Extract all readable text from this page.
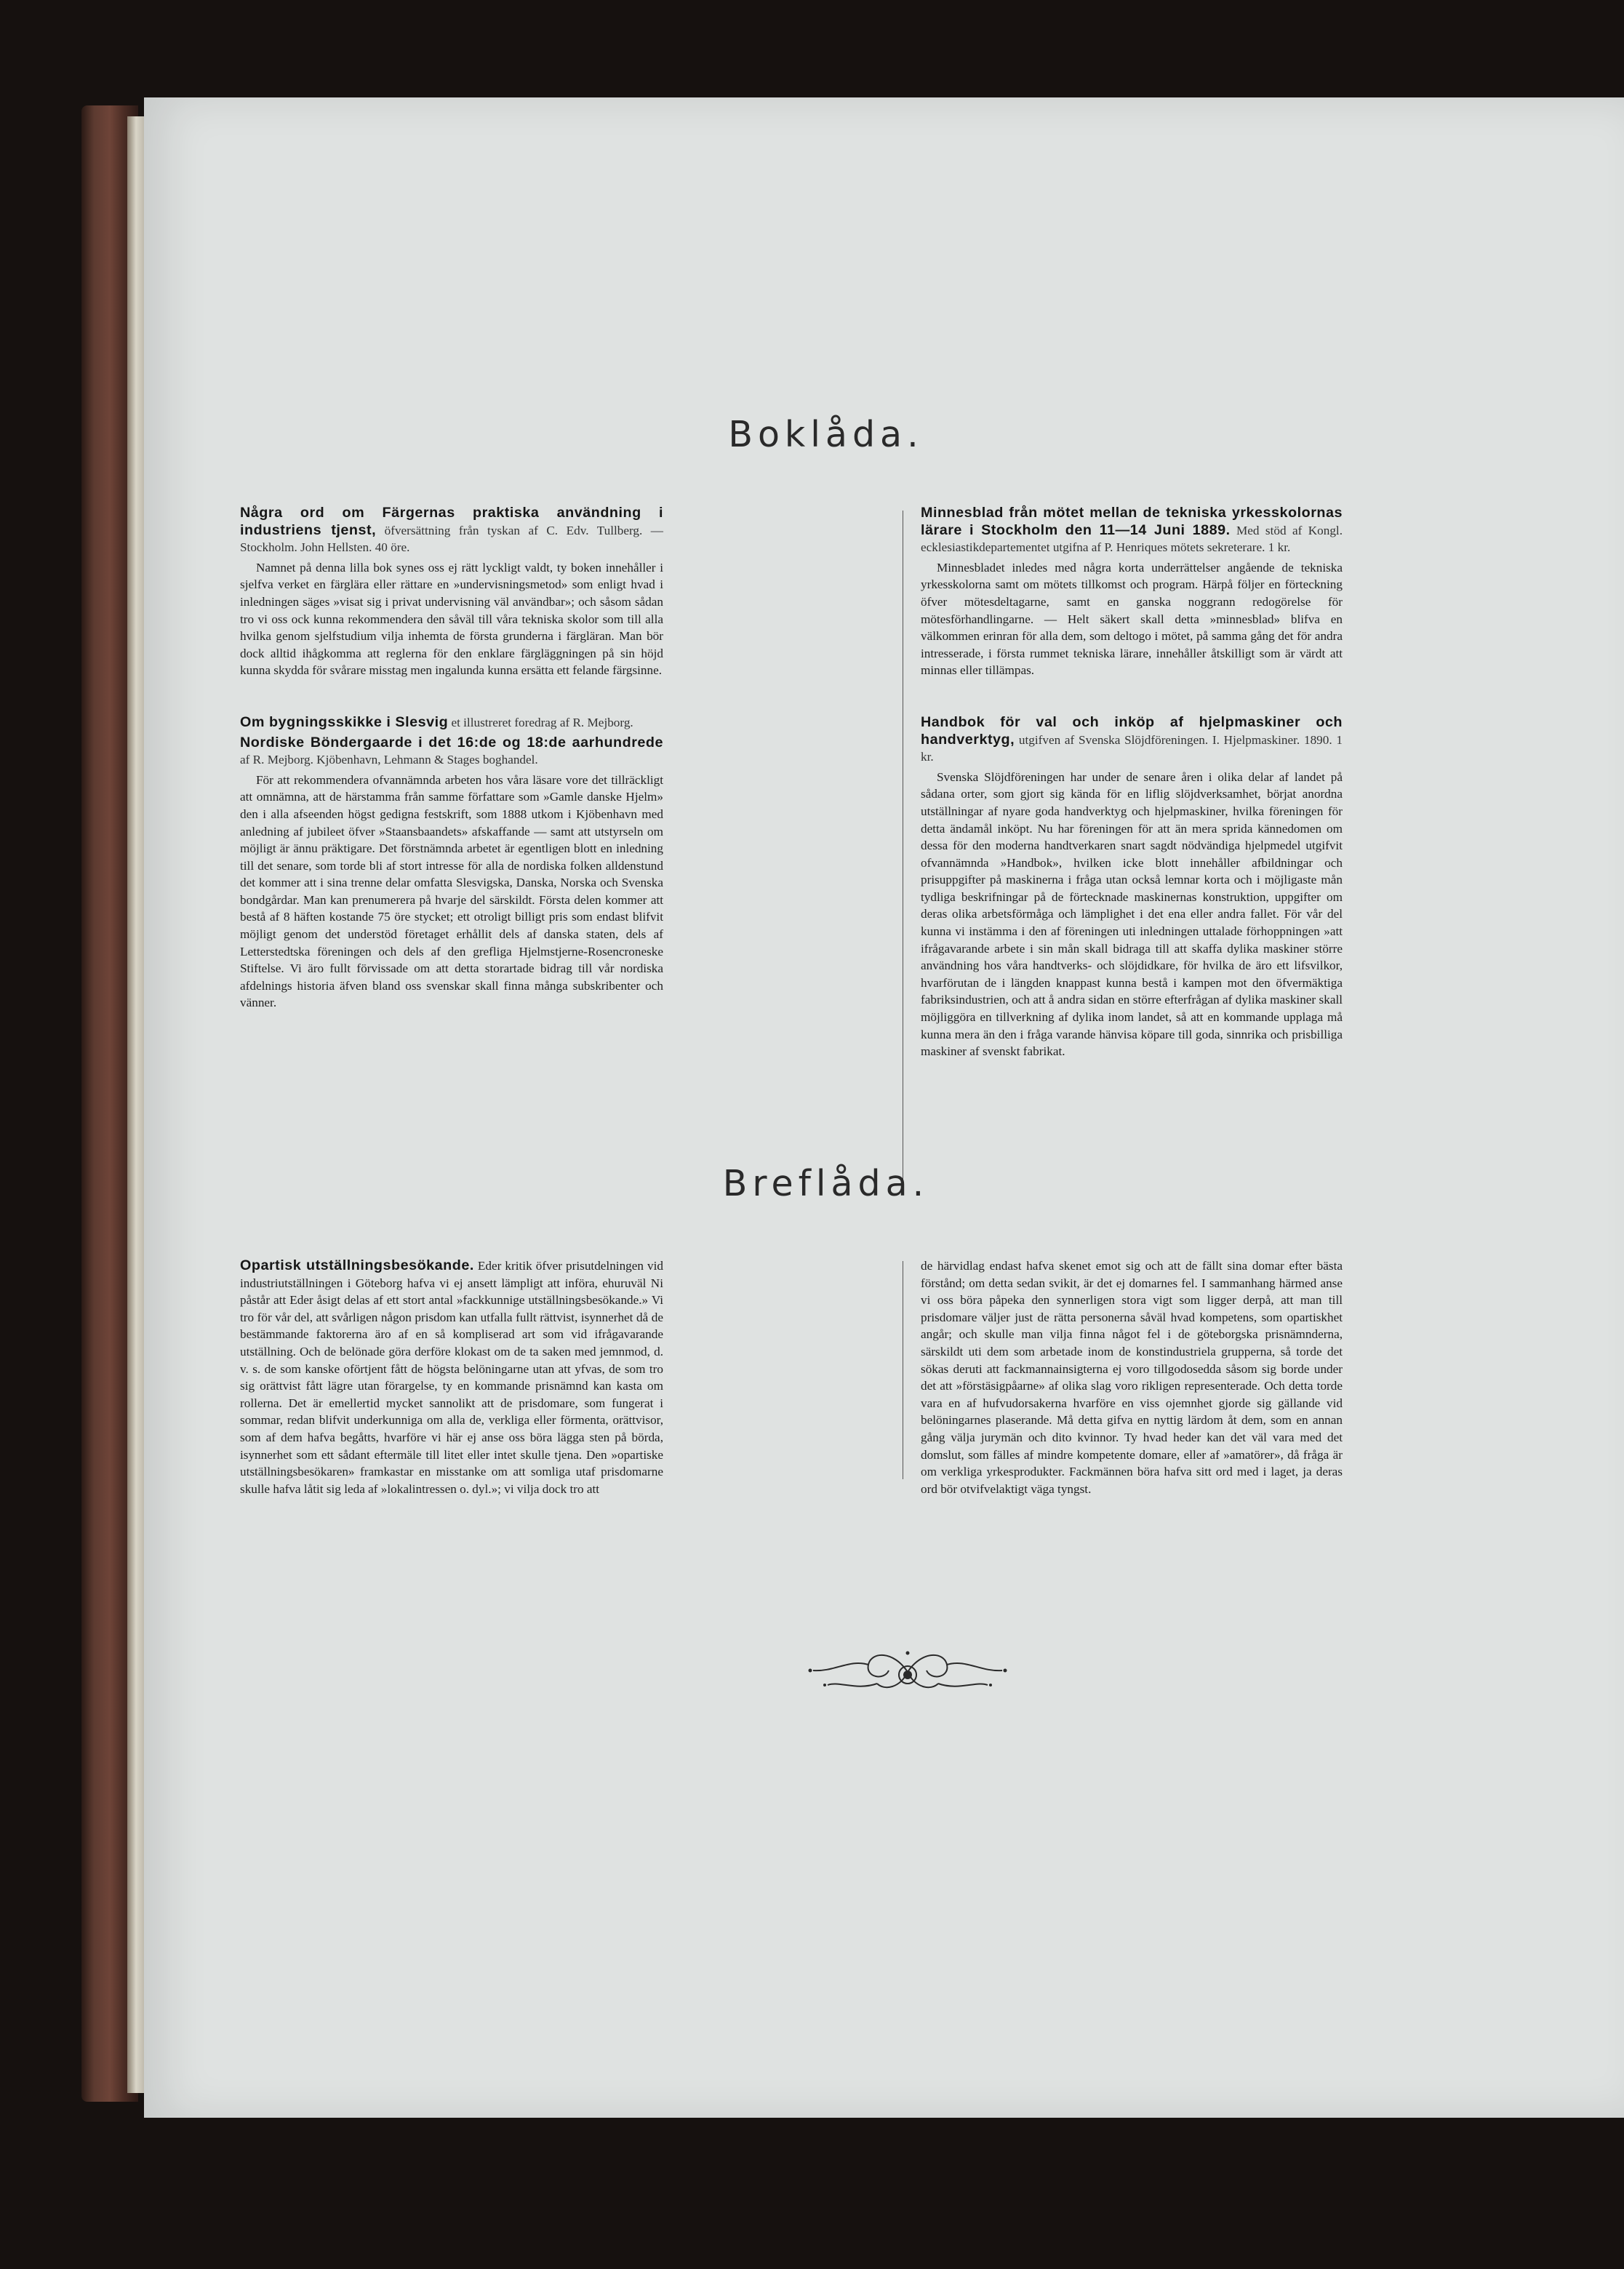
Boklåda.

Några ord om Färgernas praktiska användning i industriens tjenst, öfversättning från tyskan af C. Edv. Tullberg. — Stockholm. John Hellsten. 40 öre.

Namnet på denna lilla bok synes oss ej rätt lyckligt valdt, ty boken innehåller i sjelfva verket en färglära eller rättare en »undervisningsmetod» som enligt hvad i inledningen säges »visat sig i privat undervisning väl användbar»; och såsom sådan tro vi oss ock kunna rekommendera den såväl till våra tekniska skolor som till alla hvilka genom sjelfstudium vilja inhemta de första grunderna i färgläran. Man bör dock alltid ihågkomma att reglerna för den enklare färgläggningen på sin höjd kunna skydda för svårare misstag men ingalunda kunna ersätta ett felande färgsinne.

Om bygningsskikke i Slesvig et illustreret foredrag af R. Mejborg.

Nordiske Böndergaarde i det 16:de og 18:de aarhundrede af R. Mejborg. Kjöbenhavn, Lehmann & Stages boghandel.

För att rekommendera ofvannämnda arbeten hos våra läsare vore det tillräckligt att omnämna, att de härstamma från samme författare som »Gamle danske Hjelm» den i alla afseenden högst gedigna festskrift, som 1888 utkom i Kjöbenhavn med anledning af jubileet öfver »Staansbaandets» afskaffande — samt att utstyrseln om möjligt är ännu präktigare. Det förstnämnda arbetet är egentligen blott en inledning till det senare, som torde bli af stort intresse för alla de nordiska folken alldenstund det kommer att i sina trenne delar omfatta Slesvigska, Danska, Norska och Svenska bondgårdar. Man kan prenumerera på hvarje del särskildt. Första delen kommer att bestå af 8 häften kostande 75 öre stycket; ett otroligt billigt pris som endast blifvit möjligt genom det understöd företaget erhållit dels af danska staten, dels af Letterstedtska föreningen och dels af den grefliga Hjelmstjerne-Rosencroneske Stiftelse. Vi äro fullt förvissade om att detta storartade bidrag till vår nordiska afdelnings historia äfven bland oss svenskar skall finna många subskribenter och vänner.

Minnesblad från mötet mellan de tekniska yrkesskolornas lärare i Stockholm den 11—14 Juni 1889. Med stöd af Kongl. ecklesiastikdepartementet utgifna af P. Henriques mötets sekreterare. 1 kr.

Minnesbladet inledes med några korta underrättelser angående de tekniska yrkesskolorna samt om mötets tillkomst och program. Härpå följer en förteckning öfver mötesdeltagarne, samt en ganska noggrann redogörelse för mötesförhandlingarne. — Helt säkert skall detta »minnesblad» blifva en välkommen erinran för alla dem, som deltogo i mötet, på samma gång det för andra intresserade, i första rummet tekniska lärare, innehåller åtskilligt som är värdt att minnas eller tillämpas.

Handbok för val och inköp af hjelpmaskiner och handverktyg, utgifven af Svenska Slöjdföreningen. I. Hjelpmaskiner. 1890. 1 kr.

Svenska Slöjdföreningen har under de senare åren i olika delar af landet på sådana orter, som gjort sig kända för en liflig slöjdverksamhet, börjat anordna utställningar af nyare goda handverktyg och hjelpmaskiner, hvilka föreningen för detta ändamål inköpt. Nu har föreningen för att än mera sprida kännedomen om dessa för den moderna handtverkaren snart sagdt nödvändiga hjelpmedel utgifvit ofvannämnda »Handbok», hvilken icke blott innehåller afbildningar och prisuppgifter på maskinerna i fråga utan också lemnar korta och i möjligaste mån tydliga beskrifningar på de förtecknade maskinernas konstruktion, uppgifter om deras olika arbetsförmåga och lämplighet i det ena eller andra fallet. För vår del kunna vi instämma i den af föreningen uti inledningen uttalade förhoppningen »att ifrågavarande arbete i sin mån skall bidraga till att skaffa dylika maskiner större användning hos våra handtverks- och slöjdidkare, för hvilka de äro ett lifsvilkor, hvarförutan de i längden knappast kunna bestå i kampen mot den öfvermäktiga fabriksindustrien, och att å andra sidan en större efterfrågan af dylika maskiner skall möjliggöra en tillverkning af dylika inom landet, så att en kommande upplaga må kunna mera än den i fråga varande hänvisa köpare till goda, sinnrika och prisbilliga maskiner af svenskt fabrikat.

Breflåda.

Opartisk utställningsbesökande. Eder kritik öfver prisutdelningen vid industriutställningen i Göteborg hafva vi ej ansett lämpligt att införa, ehuruväl Ni påstår att Eder åsigt delas af ett stort antal »fackkunnige utställningsbesökande.» Vi tro för vår del, att svårligen någon prisdom kan utfalla fullt rättvist, isynnerhet då de bestämmande faktorerna äro af en så kompliserad art som vid ifrågavarande utställning. Och de belönade göra derföre klokast om de ta saken med jemnmod, d. v. s. de som kanske oförtjent fått de högsta belöningarne utan att yfvas, de som tro sig orättvist fått lägre utan förargelse, ty en kommande prisnämnd kan kasta om rollerna. Det är emellertid mycket sannolikt att de prisdomare, som fungerat i sommar, redan blifvit underkunniga om alla de, verkliga eller förmenta, orättvisor, som af dem hafva begåtts, hvarföre vi här ej anse oss böra lägga sten på börda, isynnerhet som ett sådant eftermäle till litet eller intet skulle tjena. Den »opartiske utställningsbesökaren» framkastar en misstanke om att somliga utaf prisdomarne skulle hafva låtit sig leda af »lokalintressen o. dyl.»; vi vilja dock tro att

de härvidlag endast hafva skenet emot sig och att de fällt sina domar efter bästa förstånd; om detta sedan svikit, är det ej domarnes fel. I sammanhang härmed anse vi oss böra påpeka den synnerligen stora vigt som ligger derpå, att man till prisdomare väljer just de rätta personerna såväl hvad kompetens, som opartiskhet angår; och skulle man vilja finna något fel i de göteborgska prisnämnderna, särskildt uti dem som arbetade inom de konstindustriela grupperna, så torde det sökas deruti att fackmannainsigterna ej voro tillgodosedda såsom sig borde under det att »förstäsigpåarne» af olika slag voro rikligen representerade. Och detta torde vara en af hufvudorsakerna hvarföre en viss ojemnhet gjorde sig gällande vid belöningarnes plaserande. Må detta gifva en nyttig lärdom åt dem, som en annan gång välja jurymän och dito kvinnor. Ty hvad heder kan det väl vara med det domslut, som fälles af mindre kompetente domare, eller af »amatörer», då fråga är om verkliga yrkesprodukter. Fackmännen böra hafva sitt ord med i laget, ja deras ord bör otvifvelaktigt väga tyngst.
